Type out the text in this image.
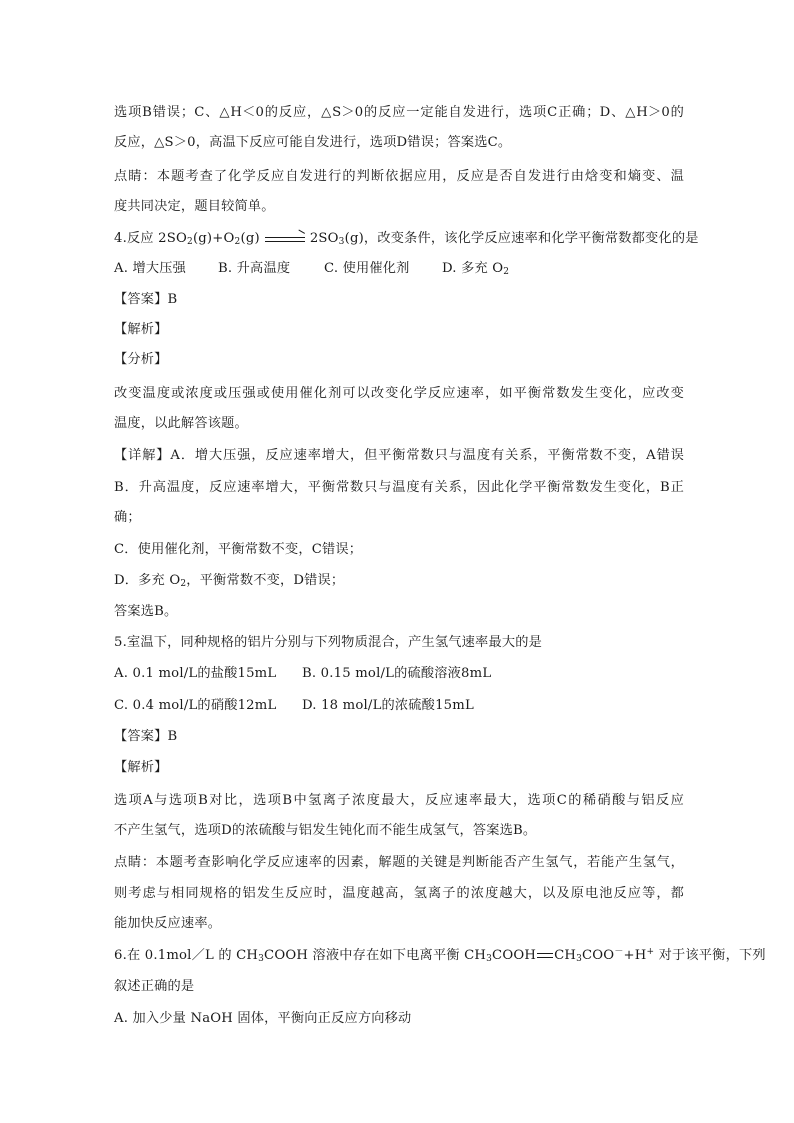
选项B错误；C、△H＜0的反应，△S＞0的反应一定能自发进行，选项C正确；D、△H＞0的
反应，△S＞0，高温下反应可能自发进行，选项D错误；答案选C。
点睛：本题考查了化学反应自发进行的判断依据应用，反应是否自发进行由焓变和熵变、温
度共同决定，题目较简单。
4.反应 $2SO_2(g)+O_2(g) \to 2SO_3(g)$，改变条件，该化学反应速率和化学平衡常数都变化的是
A. 增大压强 B. 升高温度	C. 使用催化剂 D. 多充 $O_2$
【答案】B
【解析】
【分析】
改变温度或浓度或压强或使用催化剂可以改变化学反应速率，如平衡常数发生变化，应改变
温度，以此解答该题。
【详解】A．增大压强，反应速率增大，但平衡常数只与温度有关系，平衡常数不变，A错误
B．升高温度，反应速率增大，平衡常数只与温度有关系，因此化学平衡常数发生变化，B正
确；
C．使用催化剂，平衡常数不变，C错误；
D．多充 $O_2$，平衡常数不变，D错误；
答案选B。
5.室温下，同种规格的铝片分别与下列物质混合，产生氢气速率最大的是
A. 0.1 mol/L的盐酸15mL B. 0.15 mol/L的硫酸溶液8mL
C. 0.4 mol/L的硝酸12mL D. 18 mol/L的浓硫酸15mL
【答案】B
【解析】
选项A与选项B对比，选项B中氢离子浓度最大，反应速率最大，选项C的稀硝酸与铝反应
不产生氢气，选项D的浓硫酸与铝发生钝化而不能生成氢气，答案选B。
点睛：本题考查影响化学反应速率的因素，解题的关键是判断能否产生氢气，若能产生氢气，
则考虑与相同规格的铝发生反应时，温度越高，氢离子的浓度越大，以及原电池反应等，都
能加快反应速率。
6.在 0.1mol／L 的 $CH_3COOH$ 溶液中存在如下电离平衡 $CH_3COOH$ $CH_3COO^-+H^+$ 对于该平衡，下列
叙述正确的是
A. 加入少量 NaOH 固体，平衡向正反应方向移动
